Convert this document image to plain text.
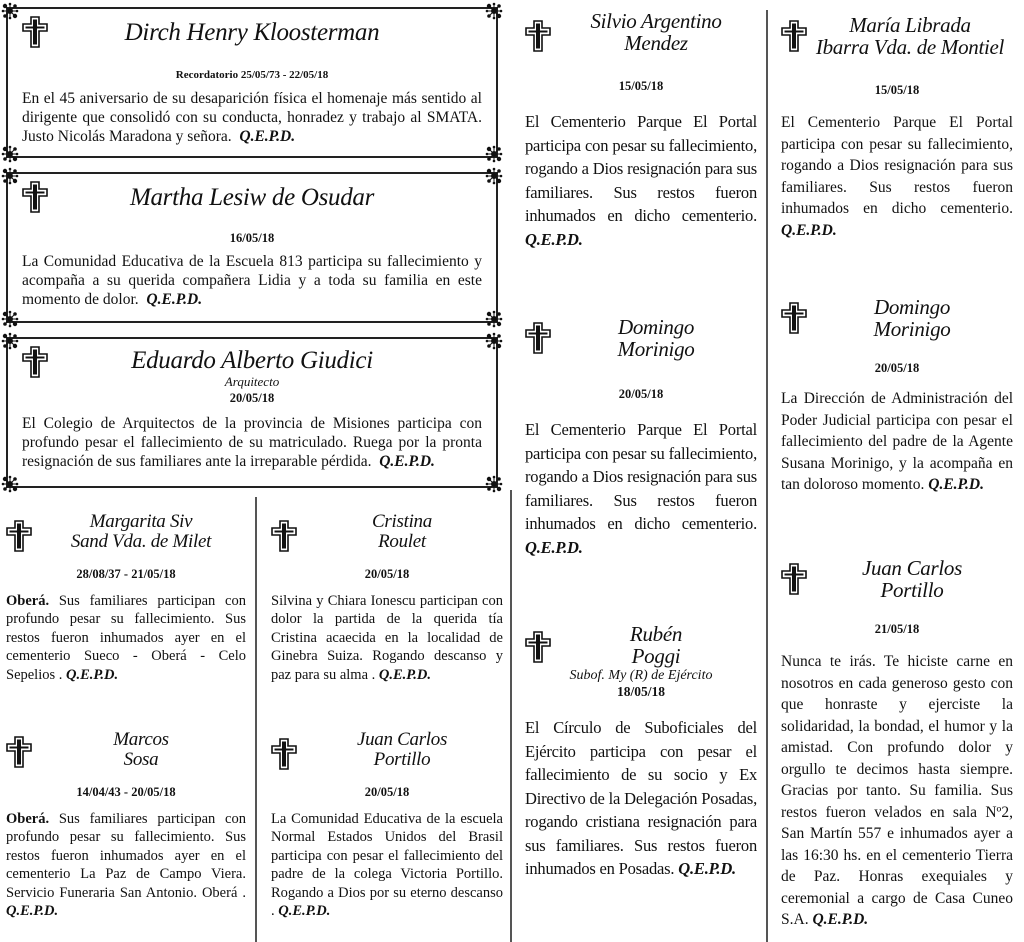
Dirch Henry Kloosterman
Recordatorio 25/05/73 - 22/05/18
En el 45 aniversario de su desaparición física el homenaje más sentido al dirigente que consolidó con su conducta, honradez y trabajo al SMATA. Justo Nicolás Maradona y señora. Q.E.P.D.
Martha Lesiw de Osudar
16/05/18
La Comunidad Educativa de la Escuela 813 participa su fallecimiento y acompaña a su querida compañera Lidia y a toda su familia en este momento de dolor. Q.E.P.D.
Eduardo Alberto Giudici
Arquitecto
20/05/18
El Colegio de Arquitectos de la provincia de Misiones participa con profundo pesar el fallecimiento de su matriculado. Ruega por la pronta resignación de sus familiares ante la irreparable pérdida. Q.E.P.D.
Margarita Siv
Sand Vda. de Milet
28/08/37 - 21/05/18
Oberá. Sus familiares participan con profundo pesar su fallecimiento. Sus restos fueron inhumados ayer en el cementerio Sueco - Oberá - Celo Sepelios . Q.E.P.D.
Marcos
Sosa
14/04/43 - 20/05/18
Oberá. Sus familiares participan con profundo pesar su fallecimiento. Sus restos fueron inhumados ayer en el cementerio La Paz de Campo Viera. Servicio Funeraria San Antonio. Oberá . Q.E.P.D.
Cristina
Roulet
20/05/18
Silvina y Chiara Ionescu participan con dolor la partida de la querida tía Cristina acaecida en la localidad de Ginebra Suiza. Rogando descanso y paz para su alma . Q.E.P.D.
Juan Carlos
Portillo
20/05/18
La Comunidad Educativa de la escuela Normal Estados Unidos del Brasil participa con pesar el fallecimiento del padre de la colega Victoria Portillo. Rogando a Dios por su eterno descanso . Q.E.P.D.
Silvio Argentino
Mendez
15/05/18
El Cementerio Parque El Portal participa con pesar su fallecimiento, rogando a Dios resignación para sus familiares. Sus restos fueron inhumados en dicho cementerio. Q.E.P.D.
Domingo
Morinigo
20/05/18
El Cementerio Parque El Portal participa con pesar su fallecimiento, rogando a Dios resignación para sus familiares. Sus restos fueron inhumados en dicho cementerio. Q.E.P.D.
Rubén
Poggi
Subof. My (R) de Ejército
18/05/18
El Círculo de Suboficiales del Ejército participa con pesar el fallecimiento de su socio y Ex Directivo de la Delegación Posadas, rogando cristiana resignación para sus familiares. Sus restos fueron inhumados en Posadas. Q.E.P.D.
María Librada
Ibarra Vda. de Montiel
15/05/18
El Cementerio Parque El Portal participa con pesar su fallecimiento, rogando a Dios resignación para sus familiares. Sus restos fueron inhumados en dicho cementerio. Q.E.P.D.
Domingo
Morinigo
20/05/18
La Dirección de Administración del Poder Judicial participa con pesar el fallecimiento del padre de la Agente Susana Morinigo, y la acompaña en tan doloroso momento. Q.E.P.D.
Juan Carlos
Portillo
21/05/18
Nunca te irás. Te hiciste carne en nosotros en cada generoso gesto con que honraste y ejerciste la solidaridad, la bondad, el humor y la amistad. Con profundo dolor y orgullo te decimos hasta siempre. Gracias por tanto. Su familia. Sus restos fueron velados en sala Nº2, San Martín 557 e inhumados ayer a las 16:30 hs. en el cementerio Tierra de Paz. Honras exequiales y ceremonial a cargo de Casa Cuneo S.A. Q.E.P.D.
